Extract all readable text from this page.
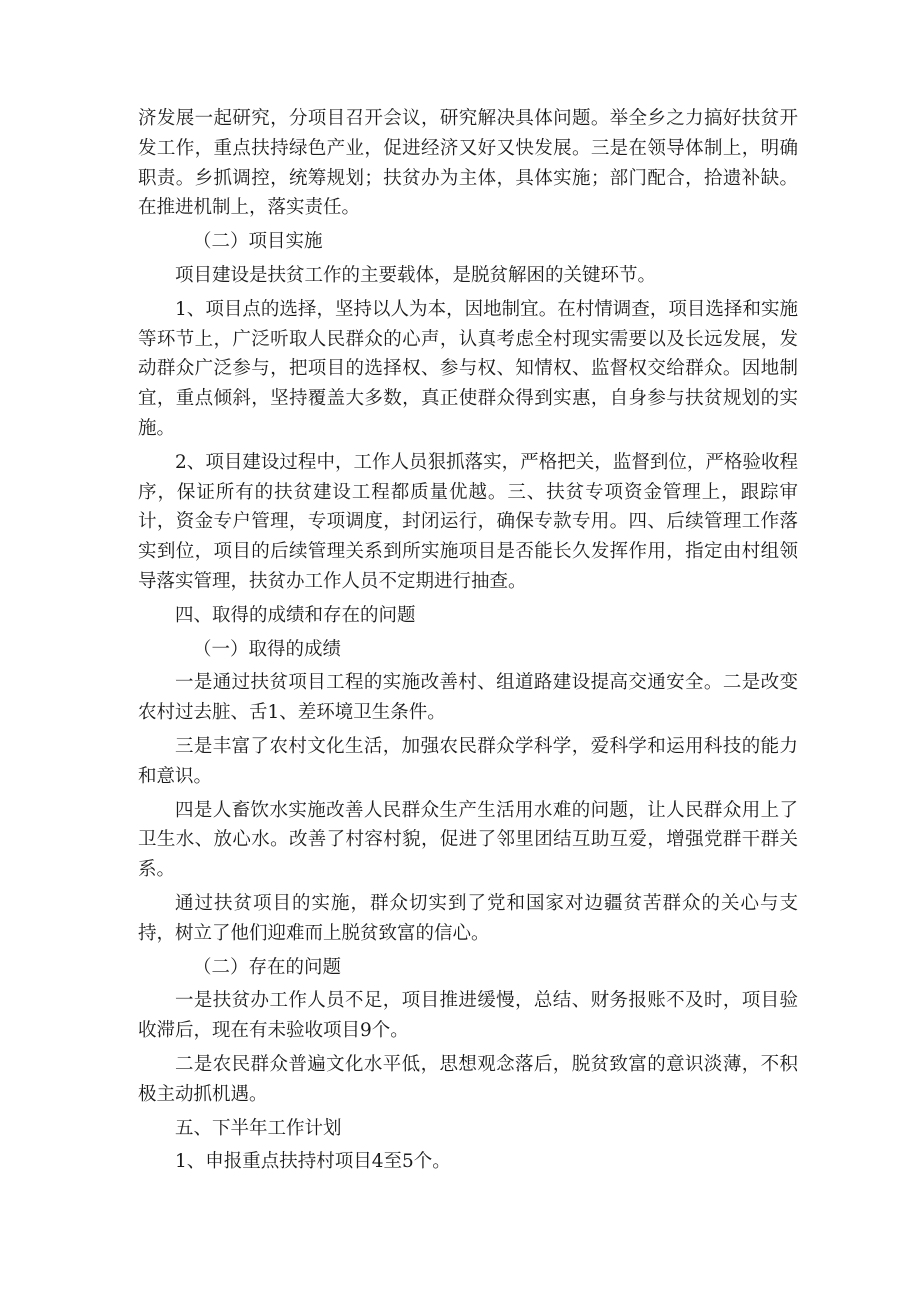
济发展一起研究，分项目召开会议，研究解决具体问题。举全乡之力搞好扶贫开发工作，重点扶持绿色产业，促进经济又好又快发展。三是在领导体制上，明确职责。乡抓调控，统筹规划；扶贫办为主体，具体实施；部门配合，拾遗补缺。在推进机制上，落实责任。

（二）项目实施

项目建设是扶贫工作的主要载体，是脱贫解困的关键环节。

1、项目点的选择，坚持以人为本，因地制宜。在村情调查，项目选择和实施等环节上，广泛听取人民群众的心声，认真考虑全村现实需要以及长远发展，发动群众广泛参与，把项目的选择权、参与权、知情权、监督权交给群众。因地制宜，重点倾斜，坚持覆盖大多数，真正使群众得到实惠，自身参与扶贫规划的实施。

2、项目建设过程中，工作人员狠抓落实，严格把关，监督到位，严格验收程序，保证所有的扶贫建设工程都质量优越。三、扶贫专项资金管理上，跟踪审计，资金专户管理，专项调度，封闭运行，确保专款专用。四、后续管理工作落实到位，项目的后续管理关系到所实施项目是否能长久发挥作用，指定由村组领导落实管理，扶贫办工作人员不定期进行抽查。

四、取得的成绩和存在的问题

（一）取得的成绩

一是通过扶贫项目工程的实施改善村、组道路建设提高交通安全。二是改变农村过去脏、舌1、差环境卫生条件。

三是丰富了农村文化生活，加强农民群众学科学，爱科学和运用科技的能力和意识。

四是人畜饮水实施改善人民群众生产生活用水难的问题，让人民群众用上了卫生水、放心水。改善了村容村貌，促进了邻里团结互助互爱，增强党群干群关系。

通过扶贫项目的实施，群众切实到了党和国家对边疆贫苦群众的关心与支持，树立了他们迎难而上脱贫致富的信心。

（二）存在的问题

一是扶贫办工作人员不足，项目推进缓慢，总结、财务报账不及时，项目验收滞后，现在有未验收项目9个。

二是农民群众普遍文化水平低，思想观念落后，脱贫致富的意识淡薄，不积极主动抓机遇。

五、下半年工作计划

1、申报重点扶持村项目4至5个。
